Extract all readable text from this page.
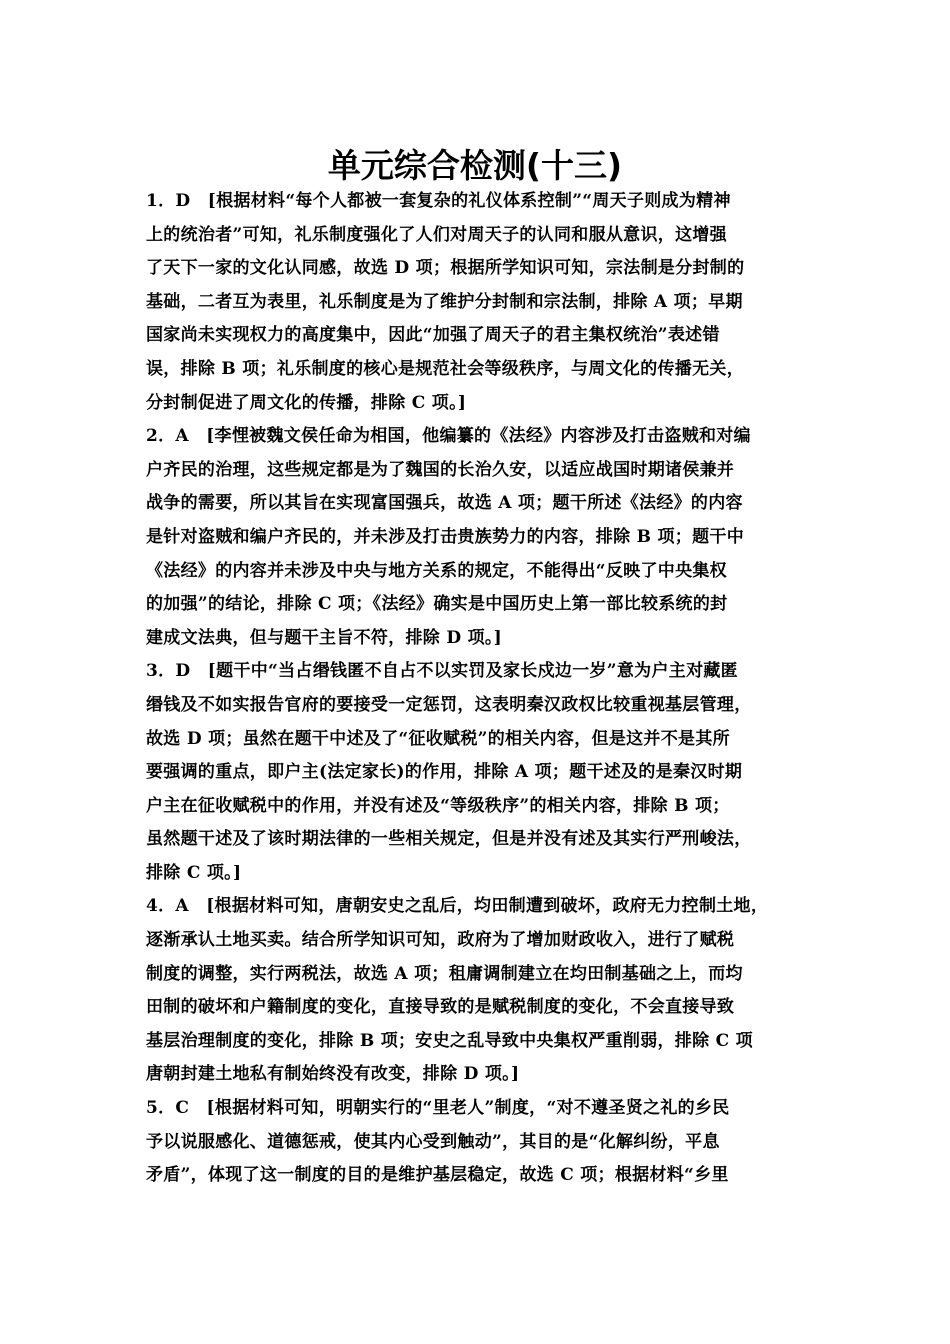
单元综合检测(十三)

1．D　[根据材料“每个人都被一套复杂的礼仪体系控制”“周天子则成为精神
上的统治者”可知，礼乐制度强化了人们对周天子的认同和服从意识，这增强
了天下一家的文化认同感，故选 D 项；根据所学知识可知，宗法制是分封制的
基础，二者互为表里，礼乐制度是为了维护分封制和宗法制，排除 A 项；早期
国家尚未实现权力的高度集中，因此“加强了周天子的君主集权统治”表述错
误，排除 B 项；礼乐制度的核心是规范社会等级秩序，与周文化的传播无关，
分封制促进了周文化的传播，排除 C 项。]

2．A　[李悝被魏文侯任命为相国，他编纂的《法经》内容涉及打击盗贼和对编
户齐民的治理，这些规定都是为了魏国的长治久安，以适应战国时期诸侯兼并
战争的需要，所以其旨在实现富国强兵，故选 A 项；题干所述《法经》的内容
是针对盗贼和编户齐民的，并未涉及打击贵族势力的内容，排除 B 项；题干中
《法经》的内容并未涉及中央与地方关系的规定，不能得出“反映了中央集权
的加强”的结论，排除 C 项；《法经》确实是中国历史上第一部比较系统的封
建成文法典，但与题干主旨不符，排除 D 项。]

3．D　[题干中“当占缗钱匿不自占不以实罚及家长戍边一岁”意为户主对藏匿
缗钱及不如实报告官府的要接受一定惩罚，这表明秦汉政权比较重视基层管理，
故选 D 项；虽然在题干中述及了“征收赋税”的相关内容，但是这并不是其所
要强调的重点，即户主(法定家长)的作用，排除 A 项；题干述及的是秦汉时期
户主在征收赋税中的作用，并没有述及“等级秩序”的相关内容，排除 B 项；
虽然题干述及了该时期法律的一些相关规定，但是并没有述及其实行严刑峻法，
排除 C 项。]

4．A　[根据材料可知，唐朝安史之乱后，均田制遭到破坏，政府无力控制土地，
逐渐承认土地买卖。结合所学知识可知，政府为了增加财政收入，进行了赋税
制度的调整，实行两税法，故选 A 项；租庸调制建立在均田制基础之上，而均
田制的破坏和户籍制度的变化，直接导致的是赋税制度的变化，不会直接导致
基层治理制度的变化，排除 B 项；安史之乱导致中央集权严重削弱，排除 C 项
唐朝封建土地私有制始终没有改变，排除 D 项。]

5．C　[根据材料可知，明朝实行的“里老人”制度，“对不遵圣贤之礼的乡民
予以说服感化、道德惩戒，使其内心受到触动”，其目的是“化解纠纷，平息
矛盾”，体现了这一制度的目的是维护基层稳定，故选 C 项；根据材料“乡里
